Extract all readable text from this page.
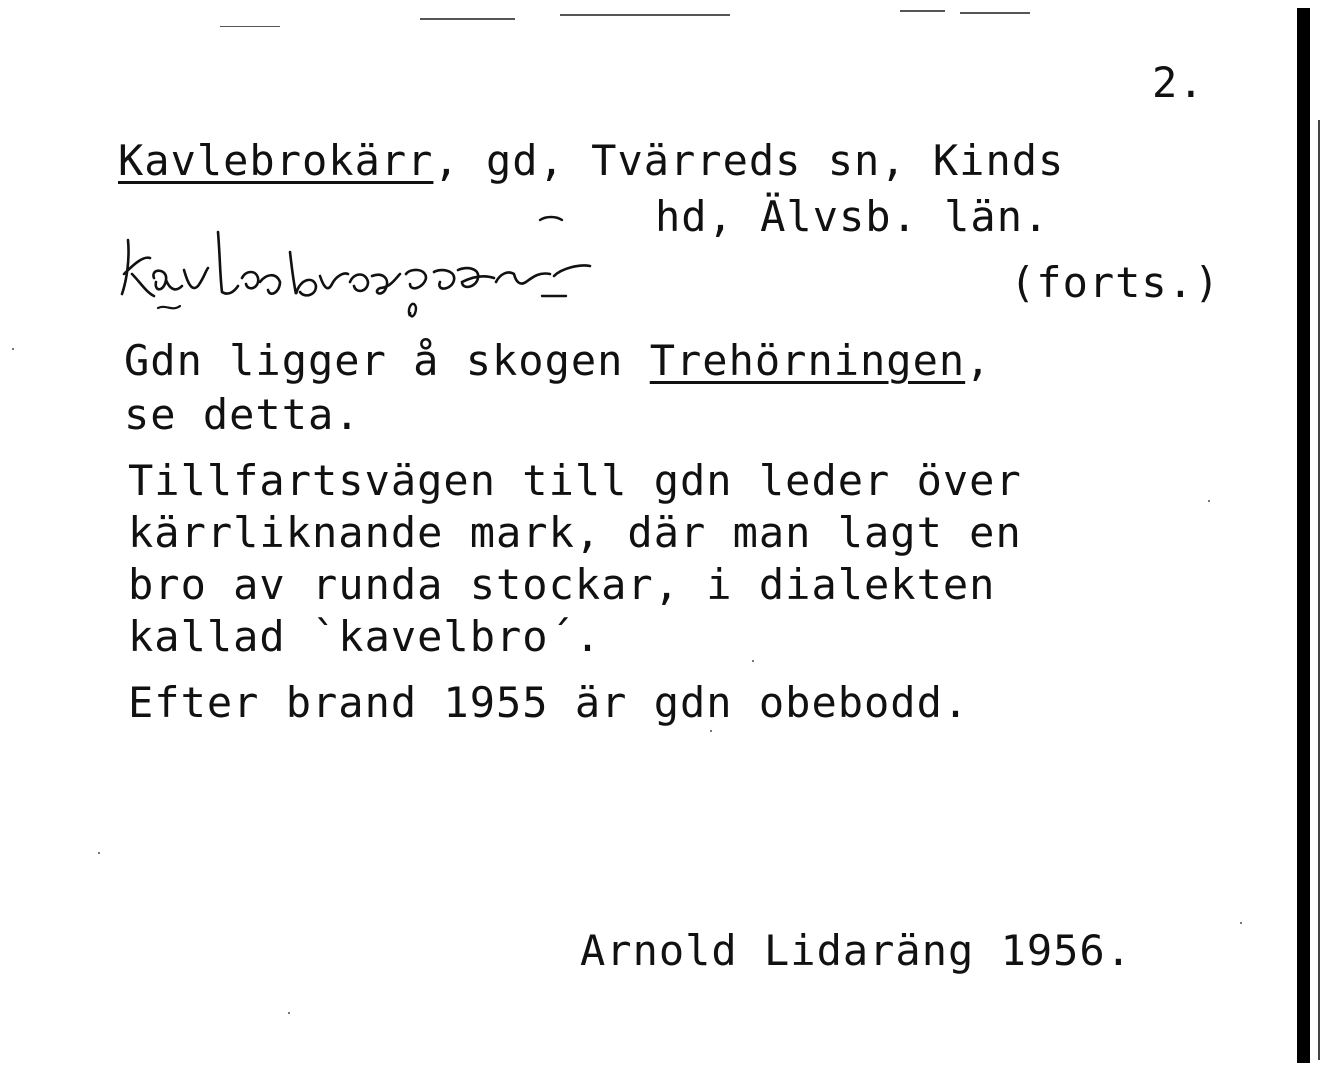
2.
Kavlebrokärr, gd, Tvärreds sn, Kinds
hd, Älvsb. län.
kavlebrokär
(forts.)
Gdn ligger å skogen Trehörningen,
se detta.
Tillfartsvägen till gdn leder över
kärrliknande mark, där man lagt en
bro av runda stockar, i dialekten
kallad `kavelbro´.
Efter brand 1955 är gdn obebodd.
Arnold Lidaräng 1956.
